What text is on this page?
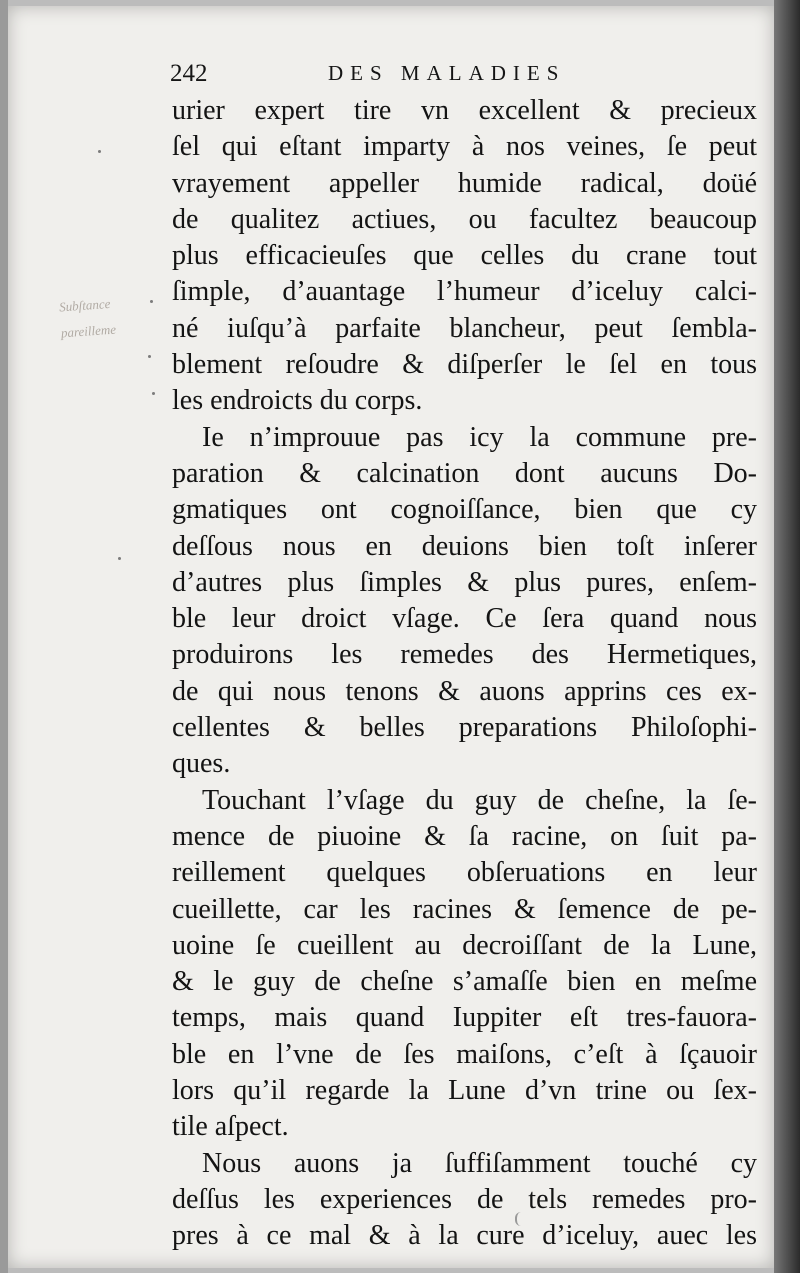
242	DES MALADIES
Subſtance
pareilleme
urier expert tire vn excellent & precieux
ſel qui eſtant imparty à nos veines, ſe peut
vrayement appeller humide radical, doüé
de qualitez actiues, ou facultez beaucoup
plus efficacieuſes que celles du crane tout
ſimple, d’auantage l’humeur d’iceluy calci-
né iuſqu’à parfaite blancheur, peut ſembla-
blement reſoudre & diſperſer le ſel en tous
les endroicts du corps.
Ie n’improuue pas icy la commune pre-
paration & calcination dont aucuns Do-
gmatiques ont cognoiſſance, bien que cy
deſſous nous en deuions bien toſt inſerer
d’autres plus ſimples & plus pures, enſem-
ble leur droict vſage. Ce ſera quand nous
produirons les remedes des Hermetiques,
de qui nous tenons & auons apprins ces ex-
cellentes & belles preparations Philoſophi-
ques.
Touchant l’vſage du guy de cheſne, la ſe-
mence de piuoine & ſa racine, on ſuit pa-
reillement quelques obſeruations en leur
cueillette, car les racines & ſemence de pe-
uoine ſe cueillent au decroiſſant de la Lune,
& le guy de cheſne s’amaſſe bien en meſme
temps, mais quand Iuppiter eſt tres-fauora-
ble en l’vne de ſes maiſons, c’eſt à ſçauoir
lors qu’il regarde la Lune d’vn trine ou ſex-
tile aſpect.
Nous auons ja ſuffiſamment touché cy
deſſus les experiences de tels remedes pro-
pres à ce mal & à la cure d’iceluy, auec les
